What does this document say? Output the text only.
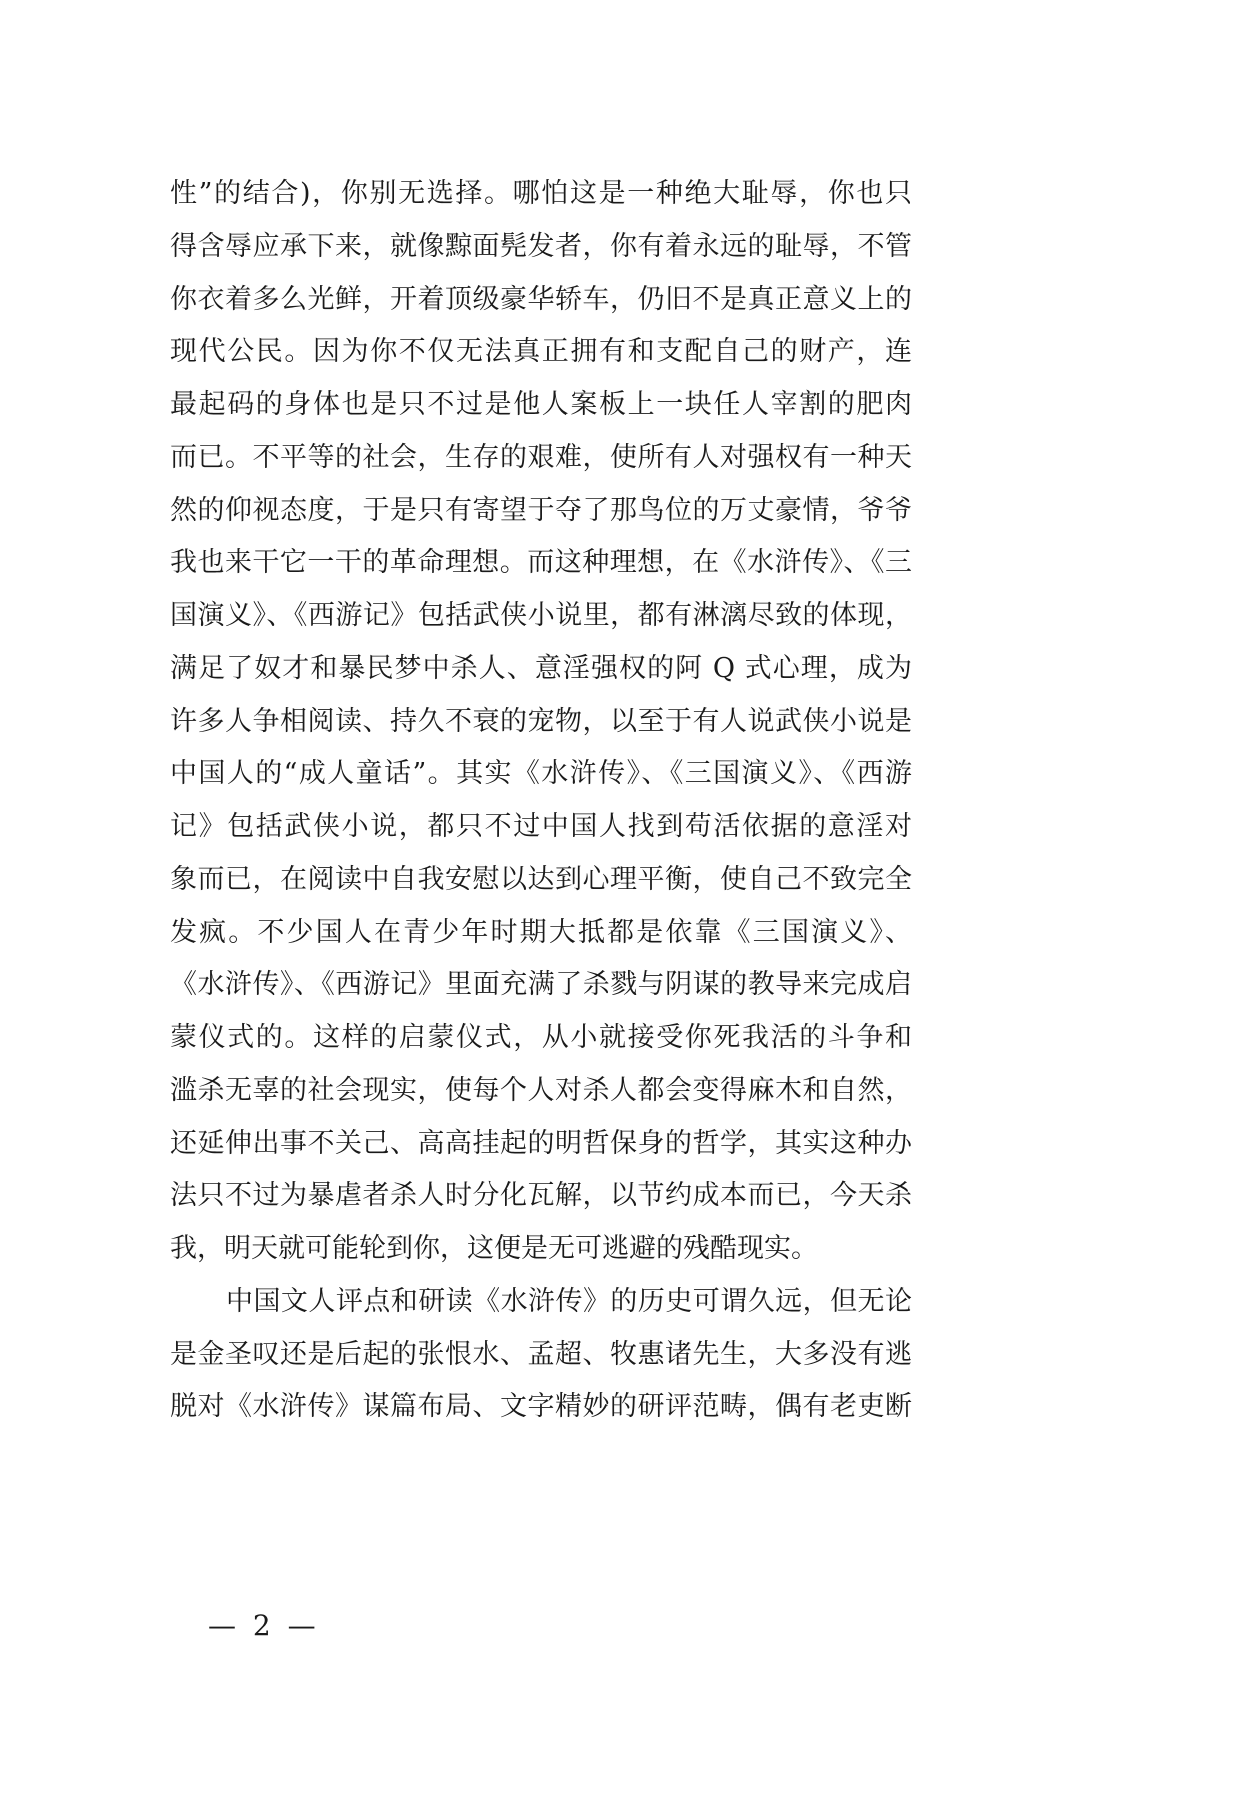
性”的结合)，你别无选择。哪怕这是一种绝大耻辱，你也只
得含辱应承下来，就像黥面髡发者，你有着永远的耻辱，不管
你衣着多么光鲜，开着顶级豪华轿车，仍旧不是真正意义上的
现代公民。因为你不仅无法真正拥有和支配自己的财产，连
最起码的身体也是只不过是他人案板上一块任人宰割的肥肉
而已。不平等的社会，生存的艰难，使所有人对强权有一种天
然的仰视态度，于是只有寄望于夺了那鸟位的万丈豪情，爷爷
我也来干它一干的革命理想。而这种理想，在《水浒传》、《三
国演义》、《西游记》包括武侠小说里，都有淋漓尽致的体现，
满足了奴才和暴民梦中杀人、意淫强权的阿 Q 式心理，成为
许多人争相阅读、持久不衰的宠物，以至于有人说武侠小说是
中国人的“成人童话”。其实《水浒传》、《三国演义》、《西游
记》包括武侠小说，都只不过中国人找到苟活依据的意淫对
象而已，在阅读中自我安慰以达到心理平衡，使自己不致完全
发疯。不少国人在青少年时期大抵都是依靠《三国演义》、
《水浒传》、《西游记》里面充满了杀戮与阴谋的教导来完成启
蒙仪式的。这样的启蒙仪式，从小就接受你死我活的斗争和
滥杀无辜的社会现实，使每个人对杀人都会变得麻木和自然，
还延伸出事不关己、高高挂起的明哲保身的哲学，其实这种办
法只不过为暴虐者杀人时分化瓦解，以节约成本而已，今天杀
我，明天就可能轮到你，这便是无可逃避的残酷现实。
中国文人评点和研读《水浒传》的历史可谓久远，但无论
是金圣叹还是后起的张恨水、孟超、牧惠诸先生，大多没有逃
脱对《水浒传》谋篇布局、文字精妙的研评范畴，偶有老吏断
— 2 —
